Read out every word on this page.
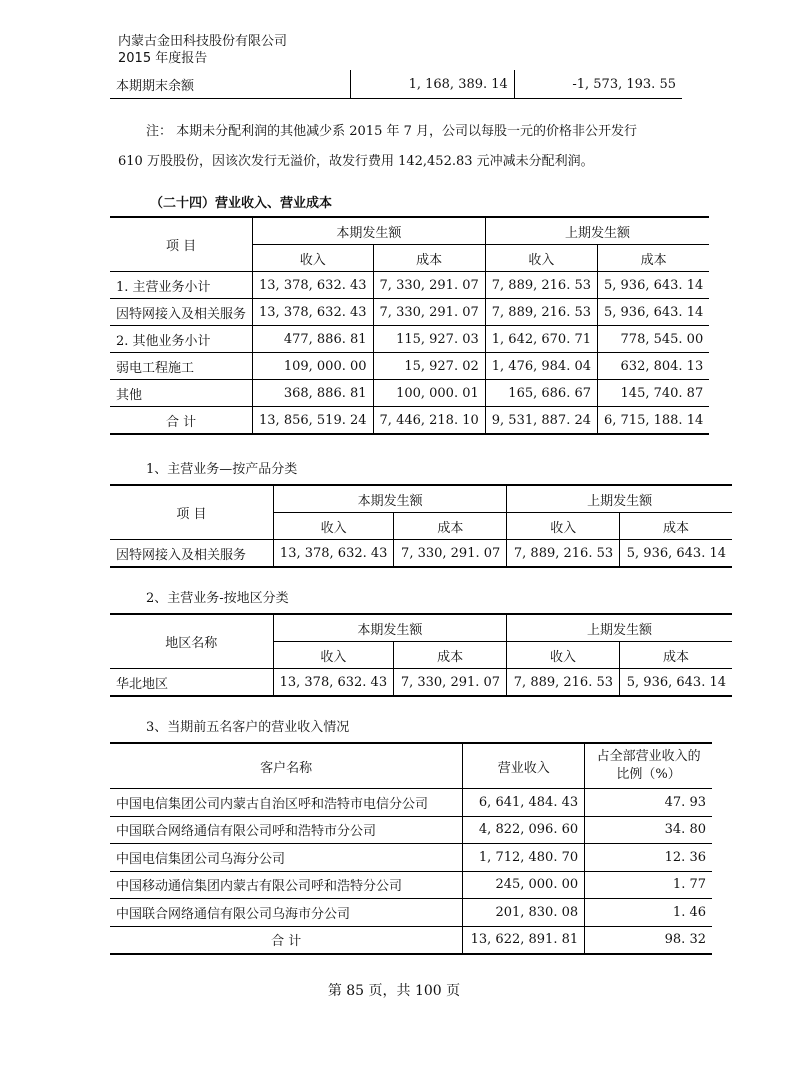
内蒙古金田科技股份有限公司
2015 年度报告
本期期末余额	1, 168, 389. 14	-1, 573, 193. 55
注： 本期未分配利润的其他减少系 2015 年 7 月，公司以每股一元的价格非公开发行
610 万股股份，因该次发行无溢价，故发行费用 142,452.83 元冲减未分配利润。
（二十四）营业收入、营业成本
项 目	本期发生额		上期发生额	
	收入	成本	收入	成本
1. 主营业务小计	13, 378, 632. 43	7, 330, 291. 07	7, 889, 216. 53	5, 936, 643. 14
因特网接入及相关服务	13, 378, 632. 43	7, 330, 291. 07	7, 889, 216. 53	5, 936, 643. 14
2. 其他业务小计	477, 886. 81	115, 927. 03	1, 642, 670. 71	778, 545. 00
弱电工程施工	109, 000. 00	15, 927. 02	1, 476, 984. 04	632, 804. 13
其他	368, 886. 81	100, 000. 01	165, 686. 67	145, 740. 87
合 计	13, 856, 519. 24	7, 446, 218. 10	9, 531, 887. 24	6, 715, 188. 14
1、主营业务—按产品分类
项 目	本期发生额		上期发生额	
	收入	成本	收入	成本
因特网接入及相关服务	13, 378, 632. 43	7, 330, 291. 07	7, 889, 216. 53	5, 936, 643. 14
2、主营业务-按地区分类
地区名称	本期发生额		上期发生额	
	收入	成本	收入	成本
华北地区	13, 378, 632. 43	7, 330, 291. 07	7, 889, 216. 53	5, 936, 643. 14
3、当期前五名客户的营业收入情况
客户名称	营业收入	占全部营业收入的
比例（%）

中国电信集团公司内蒙古自治区呼和浩特市电信分公司	6, 641, 484. 43	47. 93
中国联合网络通信有限公司呼和浩特市分公司	4, 822, 096. 60	34. 80
中国电信集团公司乌海分公司	1, 712, 480. 70	12. 36
中国移动通信集团内蒙古有限公司呼和浩特分公司	245, 000. 00	1. 77
中国联合网络通信有限公司乌海市分公司	201, 830. 08	1. 46
合 计	13, 622, 891. 81	98. 32
第 85 页，共 100 页
